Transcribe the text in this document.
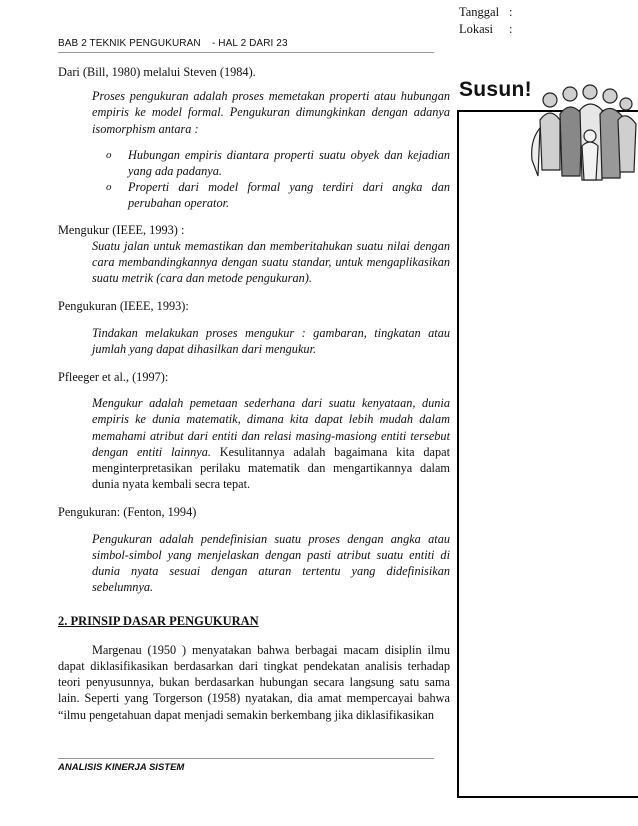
BAB 2 TEKNIK PENGUKURAN - HAL 2 DARI 23
Tanggal :
Lokasi :
Susun!

Dari (Bill, 1980) melalui Steven (1984).

Proses pengukuran adalah proses memetakan properti atau hubungan empiris ke model formal. Pengukuran dimungkinkan dengan adanya isomorphism antara :

o Hubungan empiris diantara properti suatu obyek dan kejadian yang ada padanya.
o Properti dari model formal yang terdiri dari angka dan perubahan operator.

Mengukur (IEEE, 1993) :

Suatu jalan untuk memastikan dan memberitahukan suatu nilai dengan cara membandingkannya dengan suatu standar, untuk mengaplikasikan suatu metrik (cara dan metode pengukuran).

Pengukuran (IEEE, 1993):

Tindakan melakukan proses mengukur : gambaran, tingkatan atau jumlah yang dapat dihasilkan dari mengukur.

Pfleeger et al., (1997):

Mengukur adalah pemetaan sederhana dari suatu kenyataan, dunia empiris ke dunia matematik, dimana kita dapat lebih mudah dalam memahami atribut dari entiti dan relasi masing-masiong entiti tersebut dengan entiti lainnya. Kesulitannya adalah bagaimana kita dapat menginterpretasikan perilaku matematik dan mengartikannya dalam dunia nyata kembali secra tepat.

Pengukuran: (Fenton, 1994)

Pengukuran adalah pendefinisian suatu proses dengan angka atau simbol-simbol yang menjelaskan dengan pasti atribut suatu entiti di dunia nyata sesuai dengan aturan tertentu yang didefinisikan sebelumnya.

2. PRINSIP DASAR PENGUKURAN

Margenau (1950 ) menyatakan bahwa berbagai macam disiplin ilmu dapat diklasifikasikan berdasarkan dari tingkat pendekatan analisis terhadap teori penyusunnya, bukan berdasarkan hubungan secara langsung satu sama lain. Seperti yang Torgerson (1958) nyatakan, dia amat mempercayai bahwa “ilmu pengetahuan dapat menjadi semakin berkembang jika diklasifikasikan

ANALISIS KINERJA SISTEM
